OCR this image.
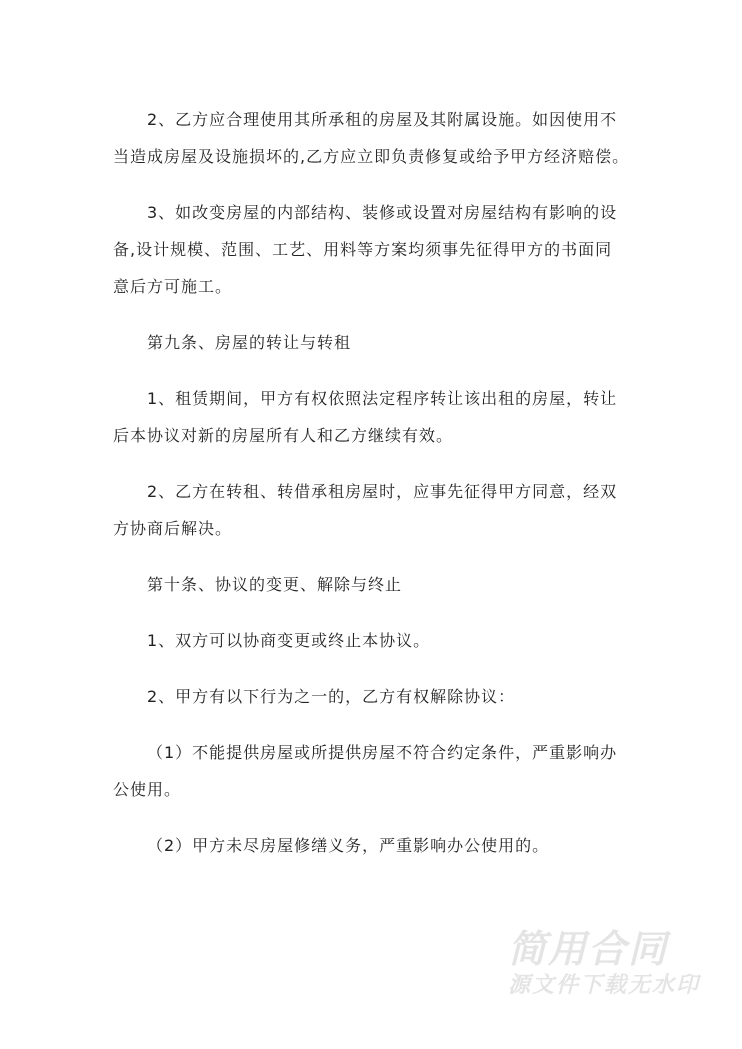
2、乙方应合理使用其所承租的房屋及其附属设施。如因使用不
当造成房屋及设施损坏的,乙方应立即负责修复或给予甲方经济赔偿。
3、如改变房屋的内部结构、装修或设置对房屋结构有影响的设
备,设计规模、范围、工艺、用料等方案均须事先征得甲方的书面同
意后方可施工。
第九条、房屋的转让与转租
1、租赁期间，甲方有权依照法定程序转让该出租的房屋，转让
后本协议对新的房屋所有人和乙方继续有效。
2、乙方在转租、转借承租房屋时，应事先征得甲方同意，经双
方协商后解决。
第十条、协议的变更、解除与终止
1、双方可以协商变更或终止本协议。
2、甲方有以下行为之一的，乙方有权解除协议：
（1）不能提供房屋或所提供房屋不符合约定条件，严重影响办
公使用。
（2）甲方未尽房屋修缮义务，严重影响办公使用的。
简用合同
源文件下载无水印
